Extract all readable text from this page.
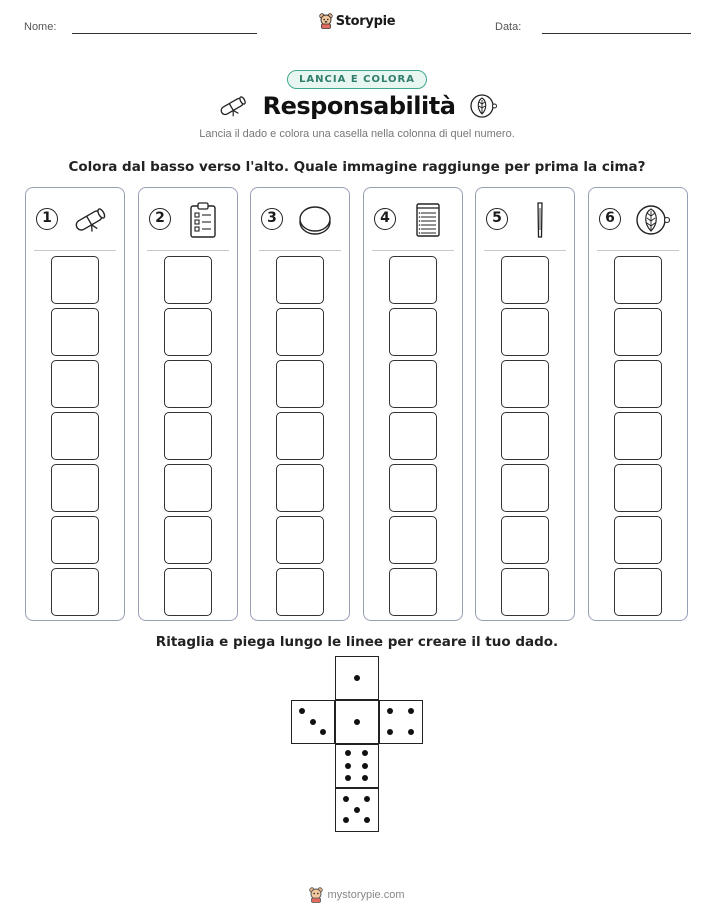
Nome:	Storypie	Data:
LANCIA E COLORA
Responsabilità
Lancia il dado e colora una casella nella colonna di quel numero.
Colora dal basso verso l'alto. Quale immagine raggiunge per prima la cima?
1	2	3	4	5	6
Ritaglia e piega lungo le linee per creare il tuo dado.
mystorypie.com
